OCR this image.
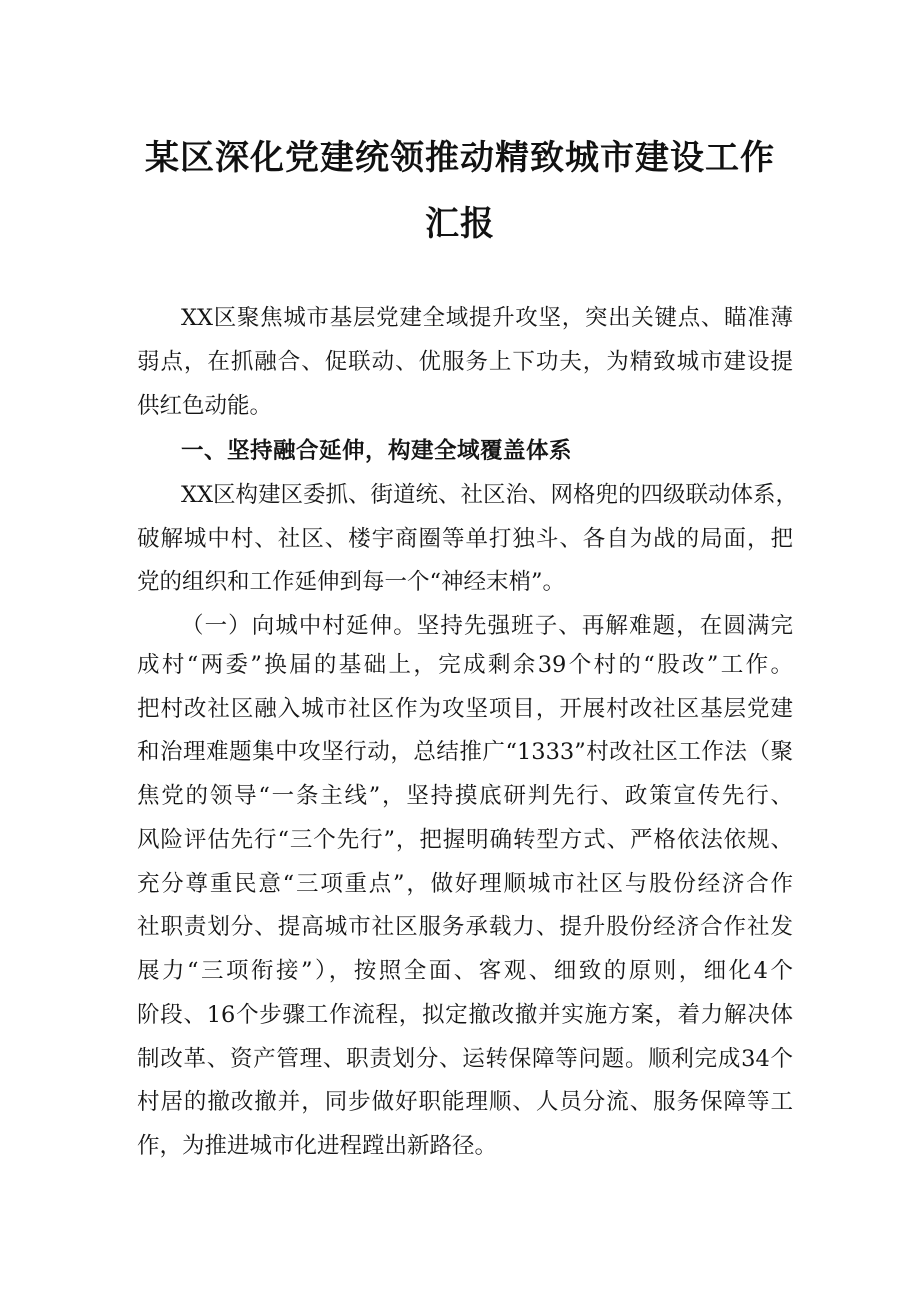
某区深化党建统领推动精致城市建设工作
汇报
XX区聚焦城市基层党建全域提升攻坚，突出关键点、瞄准薄
弱点，在抓融合、促联动、优服务上下功夫，为精致城市建设提
供红色动能。
一、坚持融合延伸，构建全域覆盖体系
XX区构建区委抓、街道统、社区治、网格兜的四级联动体系，
破解城中村、社区、楼宇商圈等单打独斗、各自为战的局面，把
党的组织和工作延伸到每一个“神经末梢”。
（一）向城中村延伸。坚持先强班子、再解难题，在圆满完
成村“两委”换届的基础上，完成剩余39个村的“股改”工作。
把村改社区融入城市社区作为攻坚项目，开展村改社区基层党建
和治理难题集中攻坚行动，总结推广“1333”村改社区工作法（聚
焦党的领导“一条主线”，坚持摸底研判先行、政策宣传先行、
风险评估先行“三个先行”，把握明确转型方式、严格依法依规、
充分尊重民意“三项重点”，做好理顺城市社区与股份经济合作
社职责划分、提高城市社区服务承载力、提升股份经济合作社发
展力“三项衔接”），按照全面、客观、细致的原则，细化4个
阶段、16个步骤工作流程，拟定撤改撤并实施方案，着力解决体
制改革、资产管理、职责划分、运转保障等问题。顺利完成34个
村居的撤改撤并，同步做好职能理顺、人员分流、服务保障等工
作，为推进城市化进程蹚出新路径。
